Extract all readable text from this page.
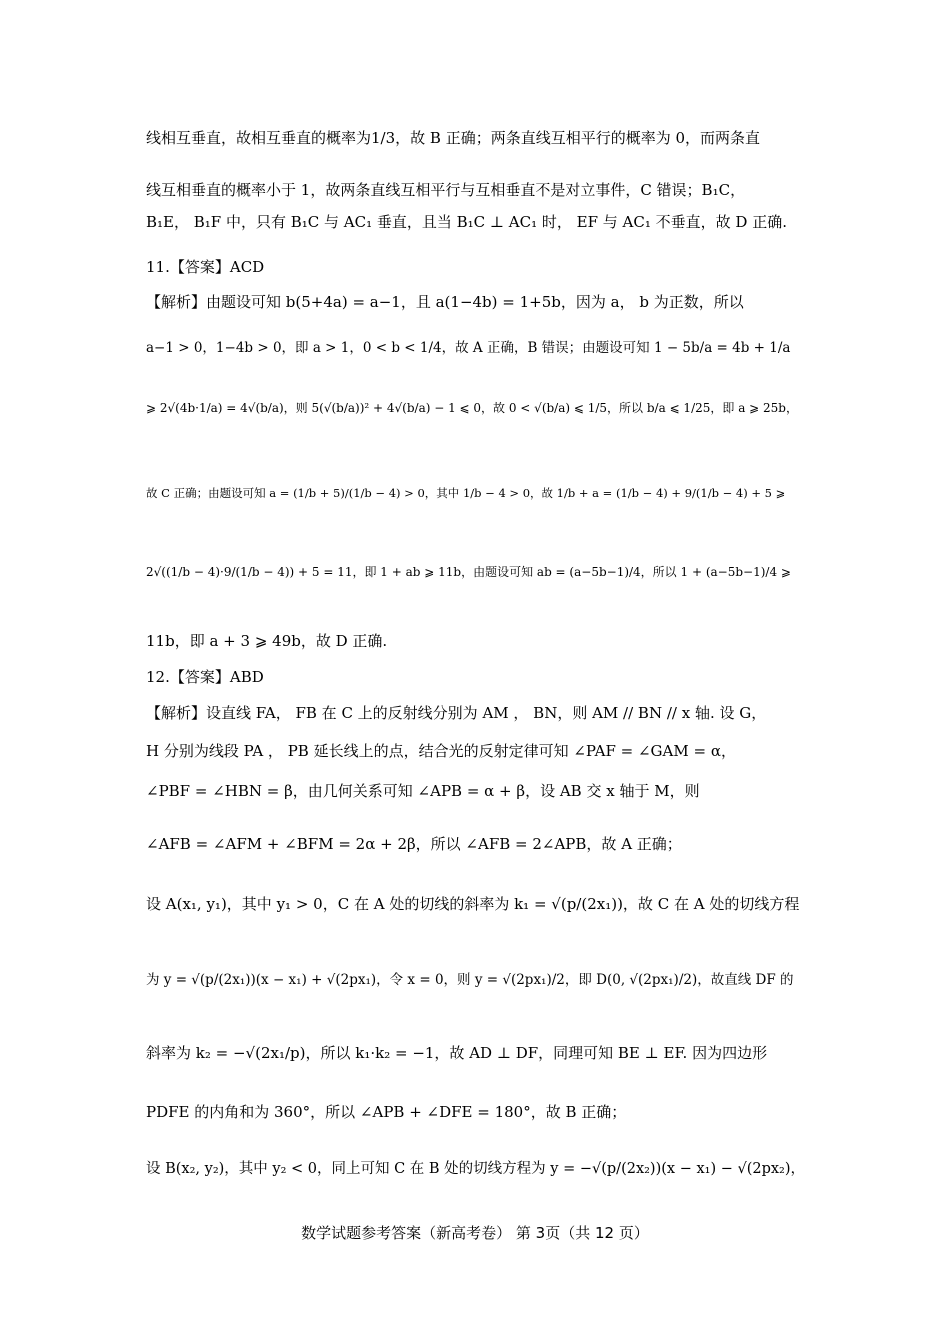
线相互垂直，故相互垂直的概率为1/3，故 B 正确；两条直线互相平行的概率为 0，而两条直
线互相垂直的概率小于 1，故两条直线互相平行与互相垂直不是对立事件，C 错误；B₁C，
B₁E， B₁F 中，只有 B₁C 与 AC₁ 垂直，且当 B₁C ⊥ AC₁ 时， EF 与 AC₁ 不垂直，故 D 正确.
11.【答案】ACD
【解析】由题设可知 b(5+4a) = a−1，且 a(1−4b) = 1+5b，因为 a， b 为正数，所以
a−1 > 0，1−4b > 0，即 a > 1，0 < b < 1/4，故 A 正确，B 错误；由题设可知 1 − 5b/a = 4b + 1/a
⩾ 2√(4b·1/a) = 4√(b/a)，则 5(√(b/a))² + 4√(b/a) − 1 ⩽ 0，故 0 < √(b/a) ⩽ 1/5，所以 b/a ⩽ 1/25，即 a ⩾ 25b，
故 C 正确；由题设可知 a = (1/b + 5)/(1/b − 4) > 0，其中 1/b − 4 > 0，故 1/b + a = (1/b − 4) + 9/(1/b − 4) + 5 ⩾
2√((1/b − 4)·9/(1/b − 4)) + 5 = 11，即 1 + ab ⩾ 11b，由题设可知 ab = (a−5b−1)/4，所以 1 + (a−5b−1)/4 ⩾
11b，即 a + 3 ⩾ 49b，故 D 正确.
12.【答案】ABD
【解析】设直线 FA， FB 在 C 上的反射线分别为 AM ， BN，则 AM // BN // x 轴. 设 G，
H 分别为线段 PA ， PB 延长线上的点，结合光的反射定律可知 ∠PAF = ∠GAM = α，
∠PBF = ∠HBN = β，由几何关系可知 ∠APB = α + β，设 AB 交 x 轴于 M，则
∠AFB = ∠AFM + ∠BFM = 2α + 2β，所以 ∠AFB = 2∠APB，故 A 正确；
设 A(x₁, y₁)，其中 y₁ > 0，C 在 A 处的切线的斜率为 k₁ = √(p/(2x₁))，故 C 在 A 处的切线方程
为 y = √(p/(2x₁))(x − x₁) + √(2px₁)，令 x = 0，则 y = √(2px₁)/2，即 D(0, √(2px₁)/2)，故直线 DF 的
斜率为 k₂ = −√(2x₁/p)，所以 k₁·k₂ = −1，故 AD ⊥ DF，同理可知 BE ⊥ EF. 因为四边形
PDFE 的内角和为 360°，所以 ∠APB + ∠DFE = 180°，故 B 正确；
设 B(x₂, y₂)，其中 y₂ < 0，同上可知 C 在 B 处的切线方程为 y = −√(p/(2x₂))(x − x₁) − √(2px₂)，
数学试题参考答案（新高考卷） 第 3页（共 12 页）
